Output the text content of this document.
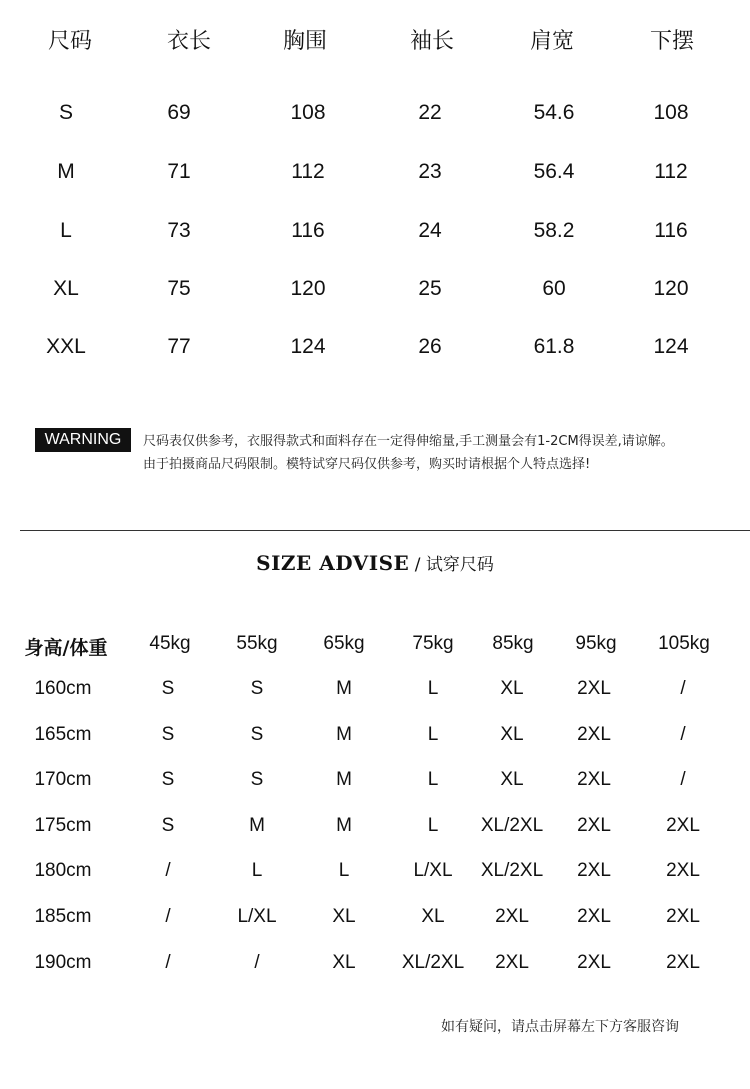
尺码	衣长	胸围	袖长	肩宽	下摆
S	69	108	22	54.6	108
M	71	112	23	56.4	112
L	73	116	24	58.2	116
XL	75	120	25	60	120
XXL	77	124	26	61.8	124
WARNING	尺码表仅供参考，衣服得款式和面料存在一定得伸缩量,手工测量会有1-2CM得误差,请谅解。
由于拍摄商品尺码限制。模特试穿尺码仅供参考，购买时请根据个人特点选择!
SIZE ADVISE / 试穿尺码
身高/体重 45kg 55kg 65kg	75kg 85kg 95kg 105kg
160cm	S	S	M	L	XL	2XL	/
165cm	S	S	M	L	XL	2XL	/
170cm	S	S	M	L	XL	2XL	/
175cm	S	M	M	L XL/2XL 2XL	2XL
180cm	/	L	L	L/XL XL/2XL 2XL	2XL
185cm	/	L/XL	XL	XL	2XL	2XL	2XL
190cm	/	/	XL XL/2XL 2XL	2XL	2XL
如有疑问，请点击屏幕左下方客服咨询
